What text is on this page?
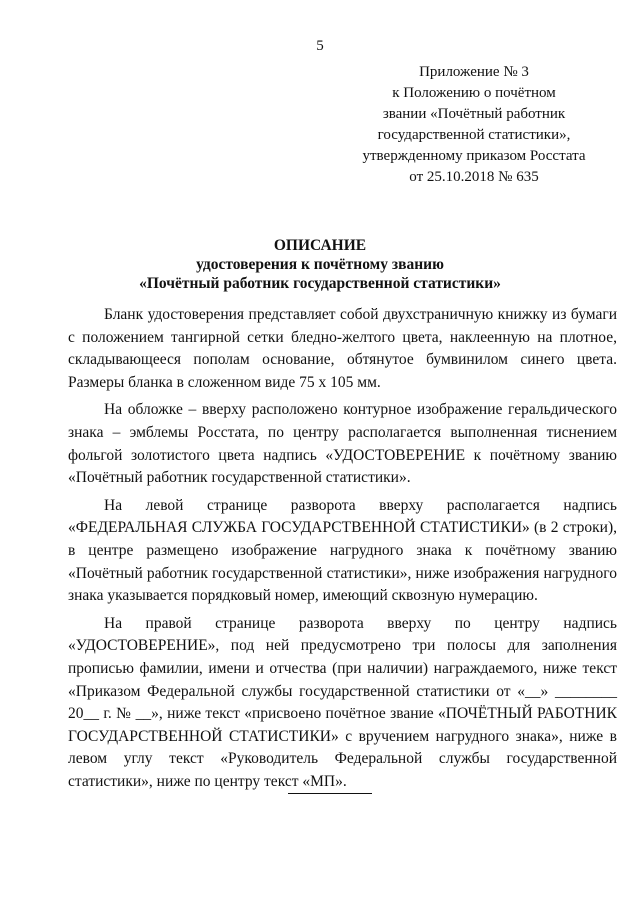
5
Приложение № 3
к Положению о почётном
звании «Почётный работник
государственной статистики»,
утвержденному приказом Росстата
от 25.10.2018 № 635
ОПИСАНИЕ
удостоверения к почётному званию
«Почётный работник государственной статистики»

Бланк удостоверения представляет собой двухстраничную книжку из бумаги с положением тангирной сетки бледно-желтого цвета, наклеенную на плотное, складывающееся пополам основание, обтянутое бумвинилом синего цвета. Размеры бланка в сложенном виде 75 х 105 мм.

На обложке – вверху расположено контурное изображение геральдического знака – эмблемы Росстата, по центру располагается выполненная тиснением фольгой золотистого цвета надпись «УДОСТОВЕРЕНИЕ к почётному званию «Почётный работник государственной статистики».

На левой странице разворота вверху располагается надпись «ФЕДЕРАЛЬНАЯ СЛУЖБА ГОСУДАРСТВЕННОЙ СТАТИСТИКИ» (в 2 строки), в центре размещено изображение нагрудного знака к почётному званию «Почётный работник государственной статистики», ниже изображения нагрудного знака указывается порядковый номер, имеющий сквозную нумерацию.

На правой странице разворота вверху по центру надпись «УДОСТОВЕРЕНИЕ», под ней предусмотрено три полосы для заполнения прописью фамилии, имени и отчества (при наличии) награждаемого, ниже текст «Приказом Федеральной службы государственной статистики от «__» ________ 20__ г. № __», ниже текст «присвоено почётное звание «ПОЧЁТНЫЙ РАБОТНИК ГОСУДАРСТВЕННОЙ СТАТИСТИКИ» с вручением нагрудного знака», ниже в левом углу текст «Руководитель Федеральной службы государственной статистики», ниже по центру текст «МП».
